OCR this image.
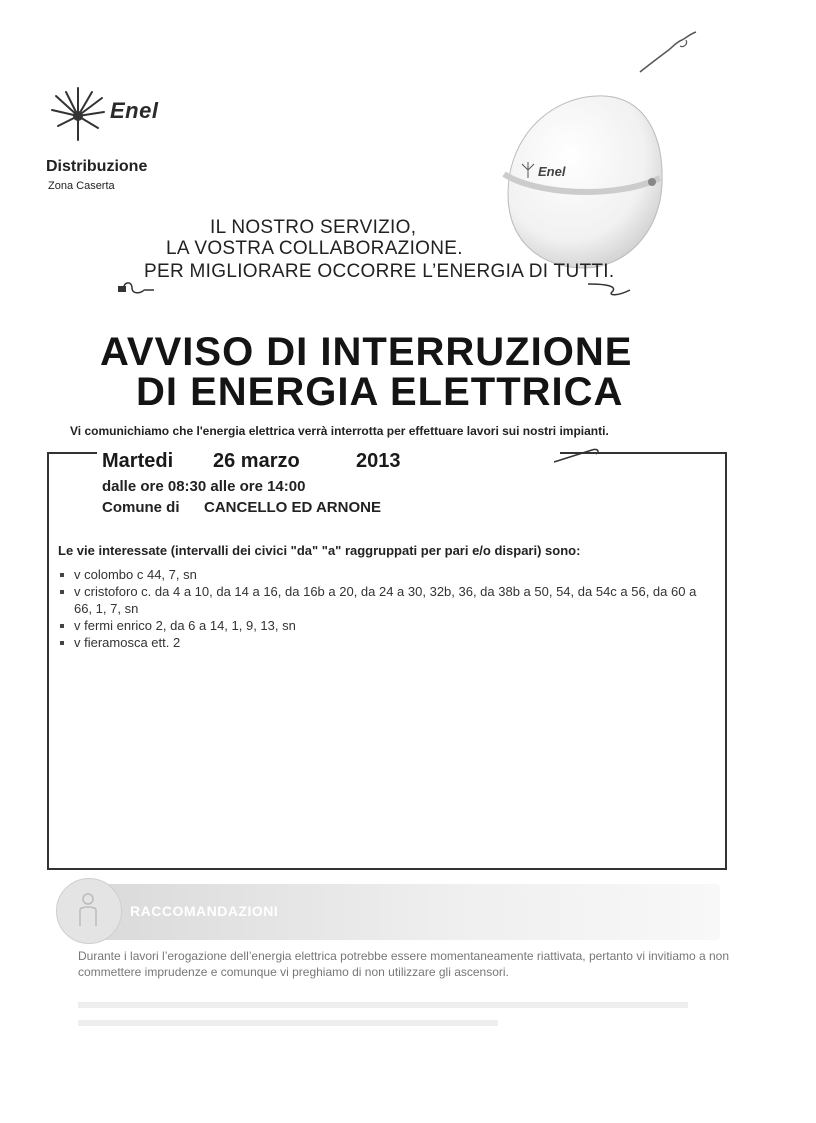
Enel
Distribuzione
Zona Caserta
Enel
IL NOSTRO SERVIZIO,
LA VOSTRA COLLABORAZIONE.
PER MIGLIORARE OCCORRE L’ENERGIA DI TUTTI.
AVVISO DI INTERRUZIONE
DI ENERGIA ELETTRICA
Vi comunichiamo che l'energia elettrica verrà interrotta per effettuare lavori sui nostri impianti.
Martedi 26 marzo	2013
dalle ore 08:30 alle ore 14:00
Comune di CANCELLO ED ARNONE
Le vie interessate (intervalli dei civici "da" "a" raggruppati per pari e/o dispari) sono:
v colombo c 44, 7, sn
v cristoforo c. da 4 a 10, da 14 a 16, da 16b a 20, da 24 a 30, 32b, 36, da 38b a 50, 54, da 54c a 56, da 60 a 66, 1, 7, sn
v fermi enrico 2, da 6 a 14, 1, 9, 13, sn
v fieramosca ett. 2
RACCOMANDAZIONI
Durante i lavori l’erogazione dell’energia elettrica potrebbe essere momentaneamente riattivata, pertanto vi invitiamo a non commettere imprudenze e comunque vi preghiamo di non utilizzare gli ascensori.
